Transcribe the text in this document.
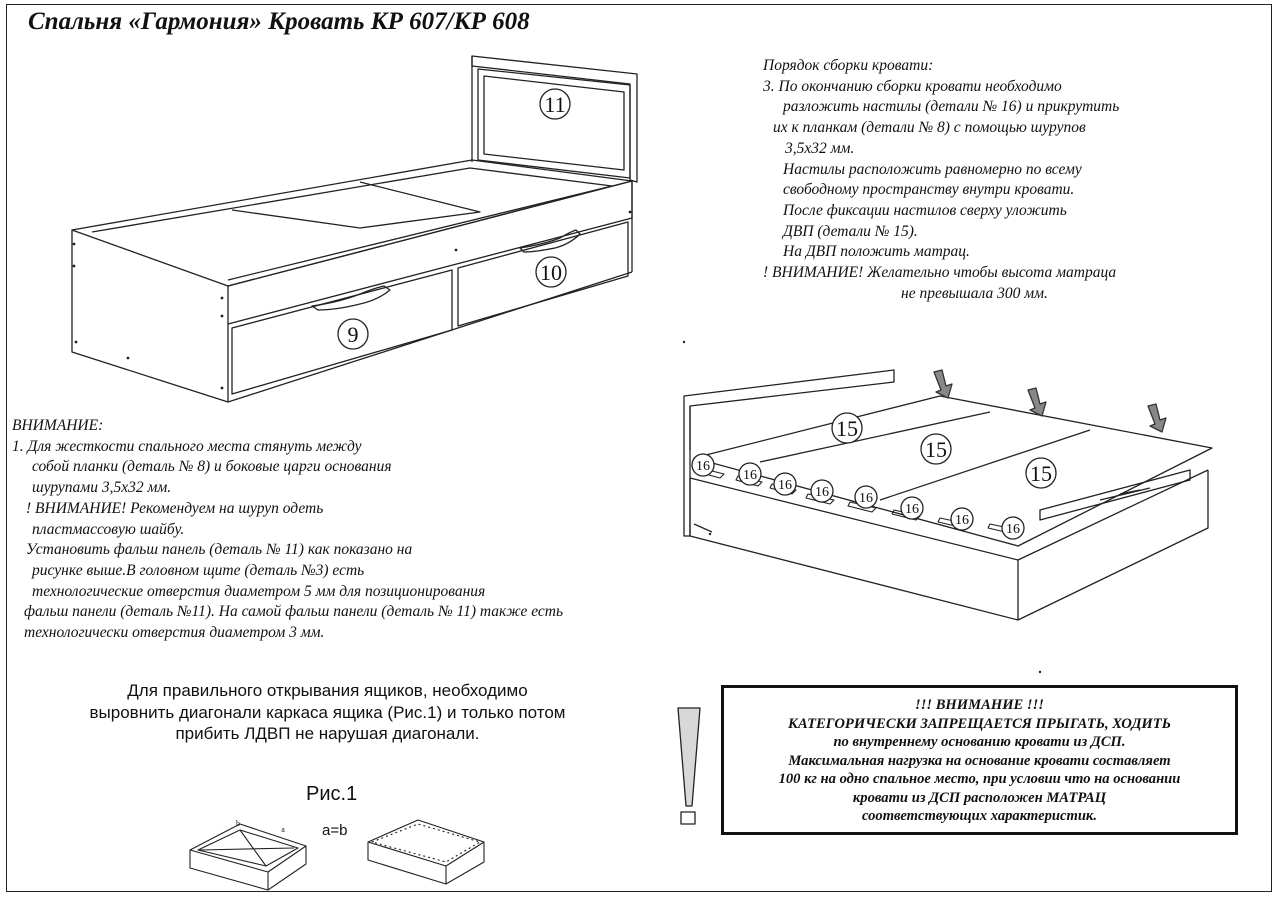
Спальня «Гармония» Кровать КР 607/КР 608
Порядок сборки кровати:
3. По окончанию сборки кровати необходимо
разложить настилы (детали № 16) и прикрутить
их к планкам (детали № 8) с помощью шурупов
3,5х32 мм.
Настилы расположить равномерно по всему
свободному пространству внутри кровати.
После фиксации настилов сверху уложить
ДВП (детали № 15).
На ДВП положить матрац.
! ВНИМАНИЕ! Желательно чтобы высота матраца
не превышала 300 мм.
ВНИМАНИЕ:
1. Для жесткости спального места стянуть между
собой планки (деталь № 8) и боковые царги основания
шурупами 3,5х32 мм.
! ВНИМАНИЕ! Рекомендуем на шуруп одеть
пластмассовую шайбу.
Установить фальш панель (деталь № 11) как показано на
рисунке выше.В головном щите (деталь №3) есть
технологические отверстия диаметром 5 мм для позиционирования
фальш панели (деталь №11). На самой фальш панели (деталь № 11) также есть
технологически отверстия диаметром 3 мм.
Для правильного открывания ящиков, необходимо
выровнить диагонали каркаса ящика (Рис.1) и только потом
прибить ЛДВП не нарушая диагонали.
Рис.1
a=b
!!! ВНИМАНИЕ !!!
КАТЕГОРИЧЕСКИ ЗАПРЕЩАЕТСЯ ПРЫГАТЬ, ХОДИТЬ
по внутреннему основанию кровати из ДСП.
Максимальная нагрузка на основание кровати составляет
100 кг на одно спальное место, при условии что на основании
кровати из ДСП расположен МАТРАЦ
соответствующих характеристик.
11
9
10
15
15
15
16
16
16 16 16
16
16
16
b
a
